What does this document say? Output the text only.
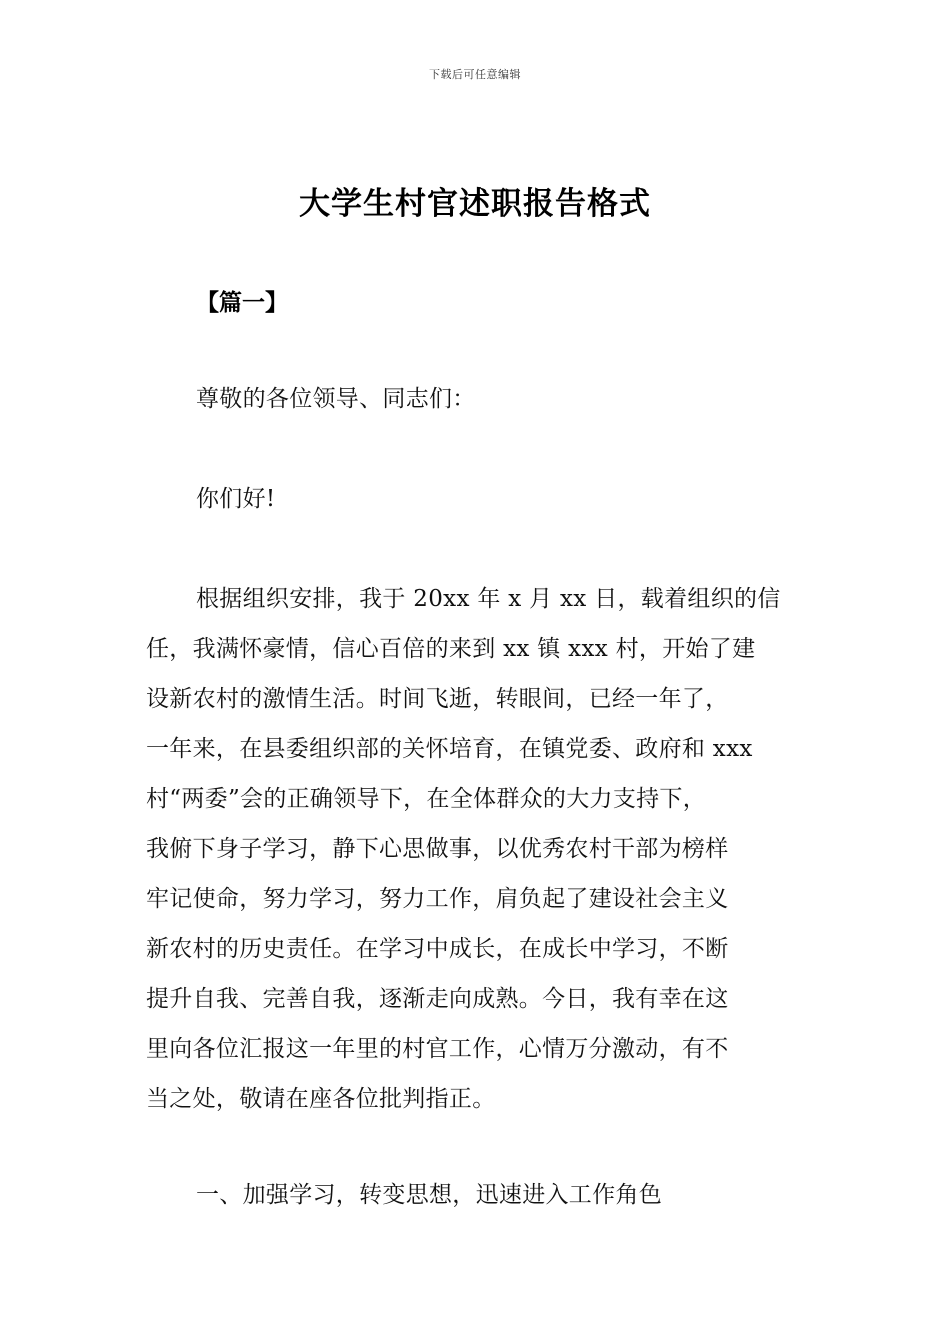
下载后可任意编辑
大学生村官述职报告格式
【篇一】
尊敬的各位领导、同志们：
你们好!
根据组织安排，我于 20xx 年 x 月 xx 日，载着组织的信
任，我满怀豪情，信心百倍的来到 xx 镇 xxx 村，开始了建
设新农村的激情生活。时间飞逝，转眼间，已经一年了，
一年来，在县委组织部的关怀培育，在镇党委、政府和 xxx
村“两委”会的正确领导下，在全体群众的大力支持下，
我俯下身子学习，静下心思做事，以优秀农村干部为榜样
牢记使命，努力学习，努力工作，肩负起了建设社会主义
新农村的历史责任。在学习中成长，在成长中学习，不断
提升自我、完善自我，逐渐走向成熟。今日，我有幸在这
里向各位汇报这一年里的村官工作，心情万分激动，有不
当之处，敬请在座各位批判指正。
一、加强学习，转变思想，迅速进入工作角色
